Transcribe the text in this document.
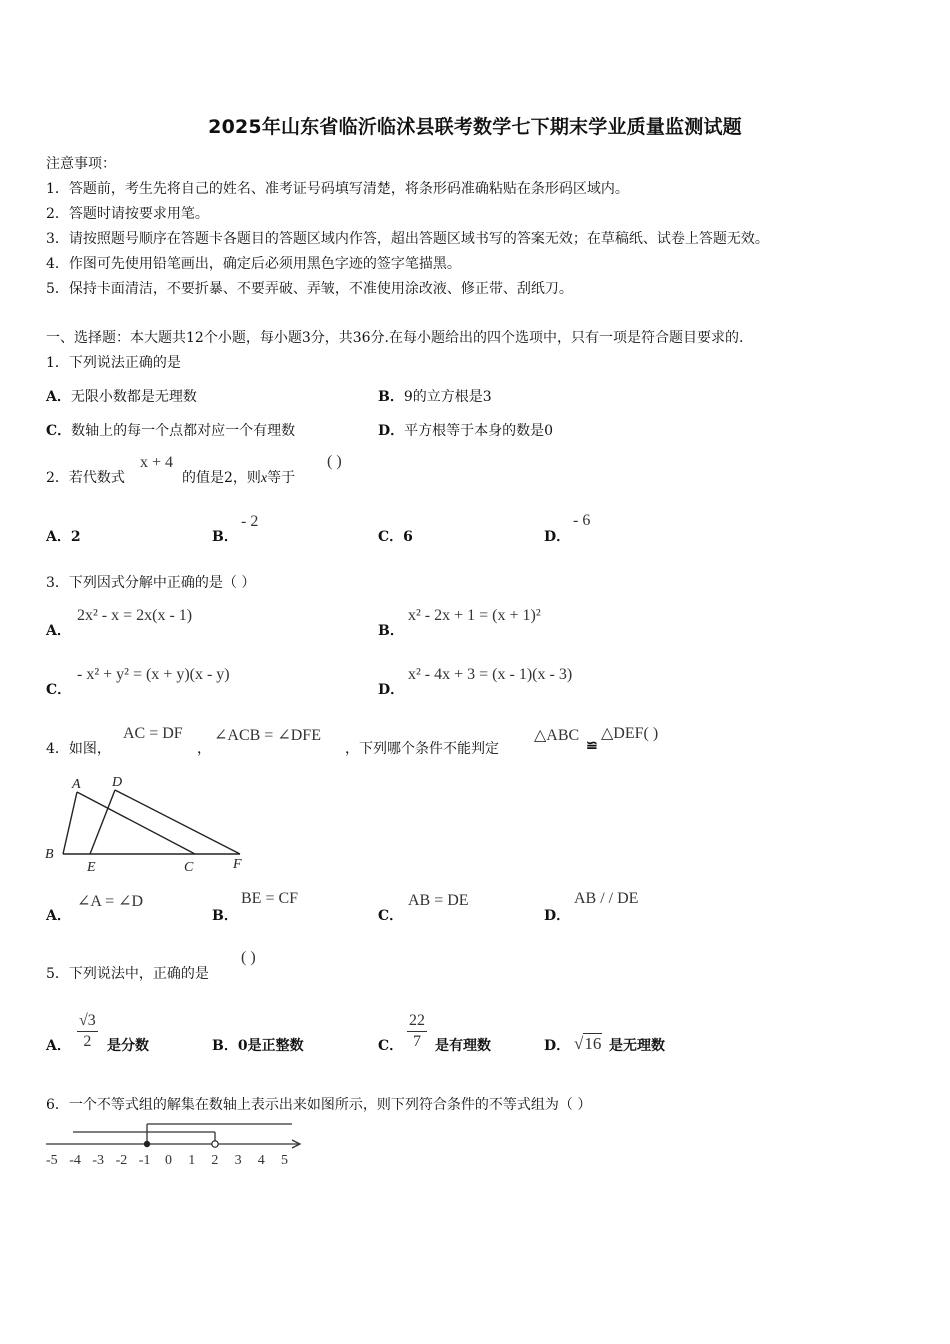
2025年山东省临沂临沭县联考数学七下期末学业质量监测试题
注意事项：
1．答题前，考生先将自己的姓名、准考证号码填写清楚，将条形码准确粘贴在条形码区域内。
2．答题时请按要求用笔。
3．请按照题号顺序在答题卡各题目的答题区域内作答，超出答题区域书写的答案无效；在草稿纸、试卷上答题无效。
4．作图可先使用铅笔画出，确定后必须用黑色字迹的签字笔描黑。
5．保持卡面清洁，不要折暴、不要弄破、弄皱，不准使用涂改液、修正带、刮纸刀。
一、选择题：本大题共12个小题，每小题3分，共36分.在每小题给出的四个选项中，只有一项是符合题目要求的.
1．下列说法正确的是
A．无限小数都是无理数	B．9的立方根是3
C．数轴上的每一个点都对应一个有理数	D．平方根等于本身的数是0
2．若代数式
x + 4
的值是2，则x等于
( )
A．2	B．
- 2
C．6	D．
- 6
3．下列因式分解中正确的是（ ）
A．
2x² - x = 2x(x - 1)
B．
x² - 2x + 1 = (x + 1)²
C．
- x² + y² = (x + y)(x - y)
D．
x² - 4x + 3 = (x - 1)(x - 3)
4．如图，
AC = DF
，
∠ACB = ∠DFE
，下列哪个条件不能判定
△ABC
≌
△DEF( )
A D
B
E	C	F
A．
∠A = ∠D
B．
BE = CF
C．
AB = DE
D．
AB / / DE
5．下列说法中，正确的是
( )
A． $\frac{√3}{2}$ 是分数	B．0是正整数	C． $\frac{22}{7}$ 是有理数	D． √16 是无理数
6．一个不等式组的解集在数轴上表示出来如图所示，则下列符合条件的不等式组为（ ）
-5 -4 -3 -2 -1 0 1 2 3 4 5
